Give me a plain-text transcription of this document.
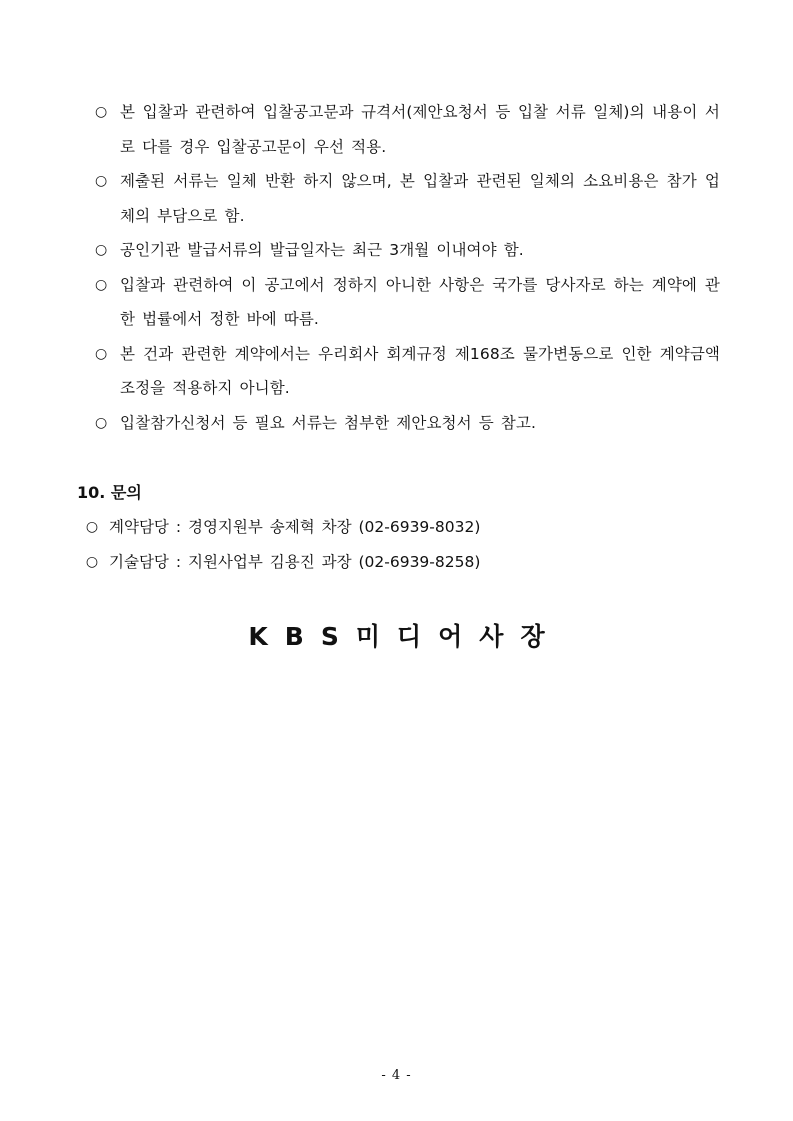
○ 본 입찰과 관련하여 입찰공고문과 규격서(제안요청서 등 입찰 서류 일체)의 내용이 서로 다를 경우 입찰공고문이 우선 적용.
○ 제출된 서류는 일체 반환 하지 않으며, 본 입찰과 관련된 일체의 소요비용은 참가 업체의 부담으로 함.
○ 공인기관 발급서류의 발급일자는 최근 3개월 이내여야 함.
○ 입찰과 관련하여 이 공고에서 정하지 아니한 사항은 국가를 당사자로 하는 계약에 관한 법률에서 정한 바에 따름.
○ 본 건과 관련한 계약에서는 우리회사 회계규정 제168조 물가변동으로 인한 계약금액 조정을 적용하지 아니함.
○ 입찰참가신청서 등 필요 서류는 첨부한 제안요청서 등 참고.
10. 문의
○ 계약담당 : 경영지원부 송제혁 차장 (02-6939-8032)
○ 기술담당 : 지원사업부 김용진 과장 (02-6939-8258)

KBS미디어사장

- 4 -
